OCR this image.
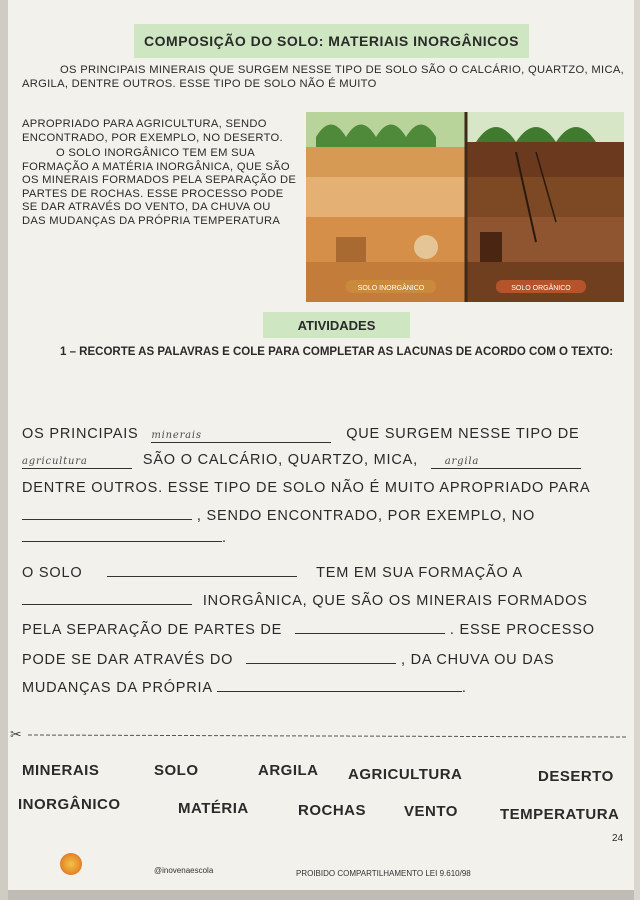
COMPOSIÇÃO DO SOLO: MATERIAIS INORGÂNICOS
OS PRINCIPAIS MINERAIS QUE SURGEM NESSE TIPO DE SOLO SÃO O CALCÁRIO, QUARTZO, MICA, ARGILA, DENTRE OUTROS. ESSE TIPO DE SOLO NÃO É MUITO
APROPRIADO PARA AGRICULTURA, SENDO ENCONTRADO, POR EXEMPLO, NO DESERTO.
O SOLO INORGÂNICO TEM EM SUA FORMAÇÃO A MATÉRIA INORGÂNICA, QUE SÃO OS MINERAIS FORMADOS PELA SEPARAÇÃO DE PARTES DE ROCHAS. ESSE PROCESSO PODE SE DAR ATRAVÉS DO VENTO, DA CHUVA OU DAS MUDANÇAS DA PRÓPRIA TEMPERATURA
SOLO INORGÂNICO	SOLO ORGÂNICO
ATIVIDADES
1 – RECORTE AS PALAVRAS E COLE PARA COMPLETAR AS LACUNAS DE ACORDO COM O TEXTO:
OS PRINCIPAIS minerais	QUE SURGEM NESSE TIPO DE
agricultura	SÃO O CALCÁRIO, QUARTZO, MICA,	argila
DENTRE OUTROS. ESSE TIPO DE SOLO NÃO É MUITO APROPRIADO PARA
, SENDO ENCONTRADO, POR EXEMPLO, NO
.
O SOLO	TEM EM SUA FORMAÇÃO A
INORGÂNICA, QUE SÃO OS MINERAIS FORMADOS
PELA SEPARAÇÃO DE PARTES DE	. ESSE PROCESSO
PODE SE DAR ATRAVÉS DO	, DA CHUVA OU DAS
MUDANÇAS DA PRÓPRIA	.
✂
MINERAIS	SOLO	ARGILA AGRICULTURA	DESERTO
INORGÂNICO	MATÉRIA	ROCHAS	VENTO	TEMPERATURA
@inovenaescola	PROIBIDO COMPARTILHAMENTO LEI 9.610/98
24
